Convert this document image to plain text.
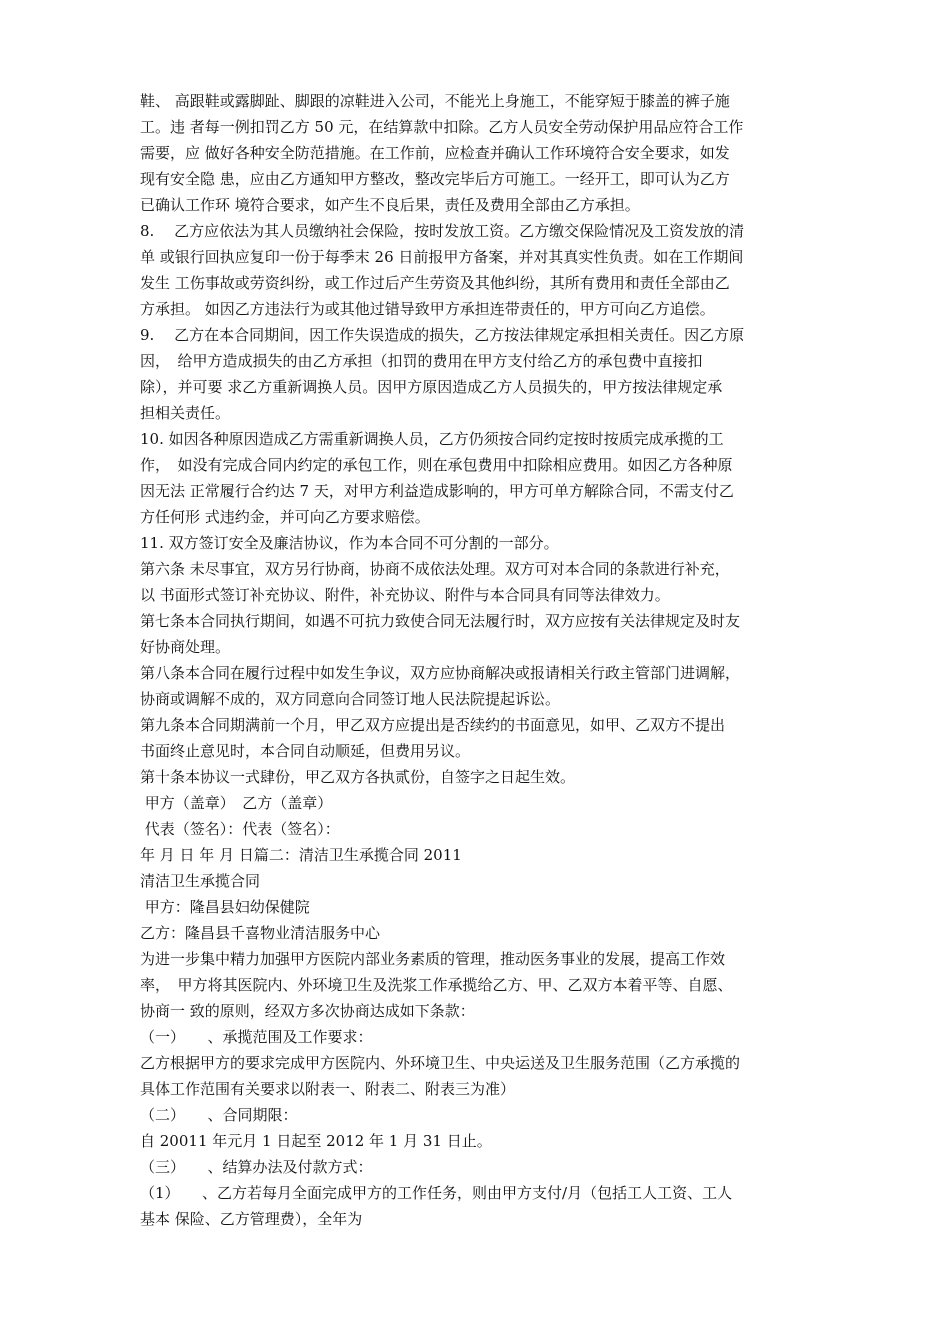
鞋、 高跟鞋或露脚趾、脚跟的凉鞋进入公司，不能光上身施工，不能穿短于膝盖的裤子施

工。违 者每一例扣罚乙方 50 元，在结算款中扣除。乙方人员安全劳动保护用品应符合工作

需要，应 做好各种安全防范措施。在工作前，应检查并确认工作环境符合安全要求，如发

现有安全隐 患，应由乙方通知甲方整改，整改完毕后方可施工。一经开工，即可认为乙方

已确认工作环 境符合要求，如产生不良后果，责任及费用全部由乙方承担。

8.　 乙方应依法为其人员缴纳社会保险，按时发放工资。乙方缴交保险情况及工资发放的清

单 或银行回执应复印一份于每季末 26 日前报甲方备案，并对其真实性负责。如在工作期间

发生 工伤事故或劳资纠纷，或工作过后产生劳资及其他纠纷，其所有费用和责任全部由乙

方承担。 如因乙方违法行为或其他过错导致甲方承担连带责任的，甲方可向乙方追偿。

9.　 乙方在本合同期间，因工作失误造成的损失，乙方按法律规定承担相关责任。因乙方原

因，　给甲方造成损失的由乙方承担（扣罚的费用在甲方支付给乙方的承包费中直接扣

除），并可要 求乙方重新调换人员。因甲方原因造成乙方人员损失的，甲方按法律规定承

担相关责任。

10. 如因各种原因造成乙方需重新调换人员，乙方仍须按合同约定按时按质完成承揽的工

作，　如没有完成合同内约定的承包工作，则在承包费用中扣除相应费用。如因乙方各种原

因无法 正常履行合约达 7 天，对甲方利益造成影响的，甲方可单方解除合同，不需支付乙

方任何形 式违约金，并可向乙方要求赔偿。

11. 双方签订安全及廉洁协议，作为本合同不可分割的一部分。

第六条 未尽事宜，双方另行协商，协商不成依法处理。双方可对本合同的条款进行补充，

以 书面形式签订补充协议、附件，补充协议、附件与本合同具有同等法律效力。

第七条本合同执行期间，如遇不可抗力致使合同无法履行时，双方应按有关法律规定及时友

好协商处理。

第八条本合同在履行过程中如发生争议，双方应协商解决或报请相关行政主管部门进调解，

协商或调解不成的，双方同意向合同签订地人民法院提起诉讼。

第九条本合同期满前一个月，甲乙双方应提出是否续约的书面意见，如甲、乙双方不提出

书面终止意见时，本合同自动顺延，但费用另议。

第十条本协议一式肆份，甲乙双方各执贰份，自签字之日起生效。

甲方（盖章）　乙方（盖章）

代表（签名）：代表（签名）：

年 月 日 年 月 日篇二：清洁卫生承揽合同 2011

清洁卫生承揽合同

甲方：隆昌县妇幼保健院

乙方：隆昌县千喜物业清洁服务中心

为进一步集中精力加强甲方医院内部业务素质的管理，推动医务事业的发展，提高工作效

率，　甲方将其医院内、外环境卫生及洗浆工作承揽给乙方、甲、乙双方本着平等、自愿、

协商一 致的原则，经双方多次协商达成如下条款：

（一）　　、承揽范围及工作要求：

乙方根据甲方的要求完成甲方医院内、外环境卫生、中央运送及卫生服务范围（乙方承揽的

具体工作范围有关要求以附表一、附表二、附表三为准）

（二）　　、合同期限：

自 20011 年元月 1 日起至 2012 年 1 月 31 日止。

（三）　　、结算办法及付款方式：

（1）　　、乙方若每月全面完成甲方的工作任务，则由甲方支付/月（包括工人工资、工人

基本 保险、乙方管理费），全年为
